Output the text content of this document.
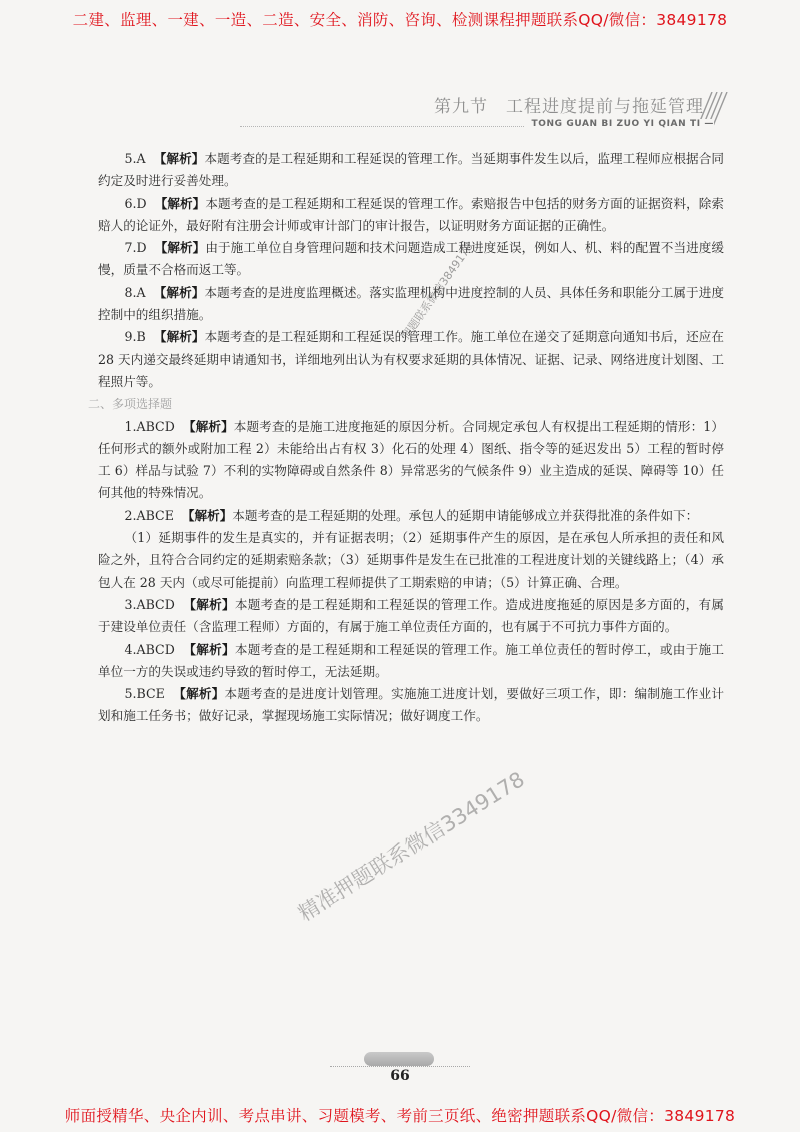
二建、监理、一建、一造、二造、安全、消防、咨询、检测课程押题联系QQ/微信：3849178
第九节 工程进度提前与拖延管理
TONG GUAN BI ZUO YI QIAN TI —

5.A 【解析】本题考查的是工程延期和工程延误的管理工作。当延期事件发生以后，监理工程师应根据合同约定及时进行妥善处理。

6.D 【解析】本题考查的是工程延期和工程延误的管理工作。索赔报告中包括的财务方面的证据资料，除索赔人的论证外，最好附有注册会计师或审计部门的审计报告，以证明财务方面证据的正确性。

7.D 【解析】由于施工单位自身管理问题和技术问题造成工程进度延误，例如人、机、料的配置不当进度缓慢，质量不合格而返工等。

8.A 【解析】本题考查的是进度监理概述。落实监理机构中进度控制的人员、具体任务和职能分工属于进度控制中的组织措施。

9.B 【解析】本题考查的是工程延期和工程延误的管理工作。施工单位在递交了延期意向通知书后，还应在 28 天内递交最终延期申请通知书，详细地列出认为有权要求延期的具体情况、证据、记录、网络进度计划图、工程照片等。

二、多项选择题

1.ABCD 【解析】本题考查的是施工进度拖延的原因分析。合同规定承包人有权提出工程延期的情形：1）任何形式的额外或附加工程 2）未能给出占有权 3）化石的处理 4）图纸、指令等的延迟发出 5）工程的暂时停工 6）样品与试验 7）不利的实物障碍或自然条件 8）异常恶劣的气候条件 9）业主造成的延误、障碍等 10）任何其他的特殊情况。

2.ABCE 【解析】本题考查的是工程延期的处理。承包人的延期申请能够成立并获得批准的条件如下：

（1）延期事件的发生是真实的，并有证据表明；（2）延期事件产生的原因，是在承包人所承担的责任和风险之外，且符合合同约定的延期索赔条款；（3）延期事件是发生在已批准的工程进度计划的关键线路上；（4）承包人在 28 天内（或尽可能提前）向监理工程师提供了工期索赔的申请；（5）计算正确、合理。

3.ABCD 【解析】本题考查的是工程延期和工程延误的管理工作。造成进度拖延的原因是多方面的，有属于建设单位责任（含监理工程师）方面的，有属于施工单位责任方面的，也有属于不可抗力事件方面的。

4.ABCD 【解析】本题考查的是工程延期和工程延误的管理工作。施工单位责任的暂时停工，或由于施工单位一方的失误或违约导致的暂时停工，无法延期。

5.BCE 【解析】本题考查的是进度计划管理。实施施工进度计划，要做好三项工作，即：编制施工作业计划和施工任务书；做好记录，掌握现场施工实际情况；做好调度工作。

押题联系微信3849178
精准押题联系微信3349178
66
师面授精华、央企内训、考点串讲、习题模考、考前三页纸、绝密押题联系QQ/微信：3849178
